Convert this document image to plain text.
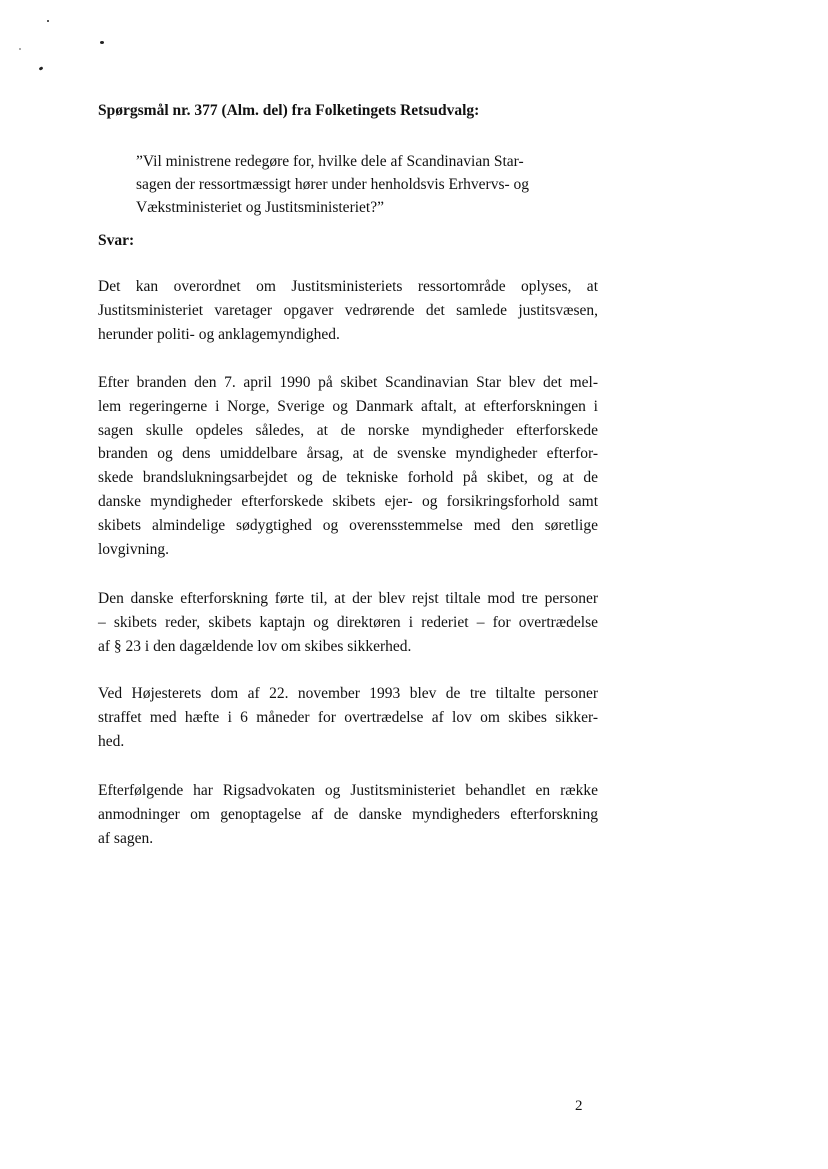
Spørgsmål nr. 377 (Alm. del) fra Folketingets Retsudvalg:
”Vil ministrene redegøre for, hvilke dele af Scandinavian Star-
sagen der ressortmæssigt hører under henholdsvis Erhvervs- og
Vækstministeriet og Justitsministeriet?”
Svar:
Det kan overordnet om Justitsministeriets ressortområde oplyses, at
Justitsministeriet varetager opgaver vedrørende det samlede justitsvæsen,
herunder politi- og anklagemyndighed.
Efter branden den 7. april 1990 på skibet Scandinavian Star blev det mel-
lem regeringerne i Norge, Sverige og Danmark aftalt, at efterforskningen i
sagen skulle opdeles således, at de norske myndigheder efterforskede
branden og dens umiddelbare årsag, at de svenske myndigheder efterfor-
skede brandslukningsarbejdet og de tekniske forhold på skibet, og at de
danske myndigheder efterforskede skibets ejer- og forsikringsforhold samt
skibets almindelige sødygtighed og overensstemmelse med den søretlige
lovgivning.
Den danske efterforskning førte til, at der blev rejst tiltale mod tre personer
– skibets reder, skibets kaptajn og direktøren i rederiet – for overtrædelse
af § 23 i den dagældende lov om skibes sikkerhed.
Ved Højesterets dom af 22. november 1993 blev de tre tiltalte personer
straffet med hæfte i 6 måneder for overtrædelse af lov om skibes sikker-
hed.
Efterfølgende har Rigsadvokaten og Justitsministeriet behandlet en række
anmodninger om genoptagelse af de danske myndigheders efterforskning
af sagen.
2
